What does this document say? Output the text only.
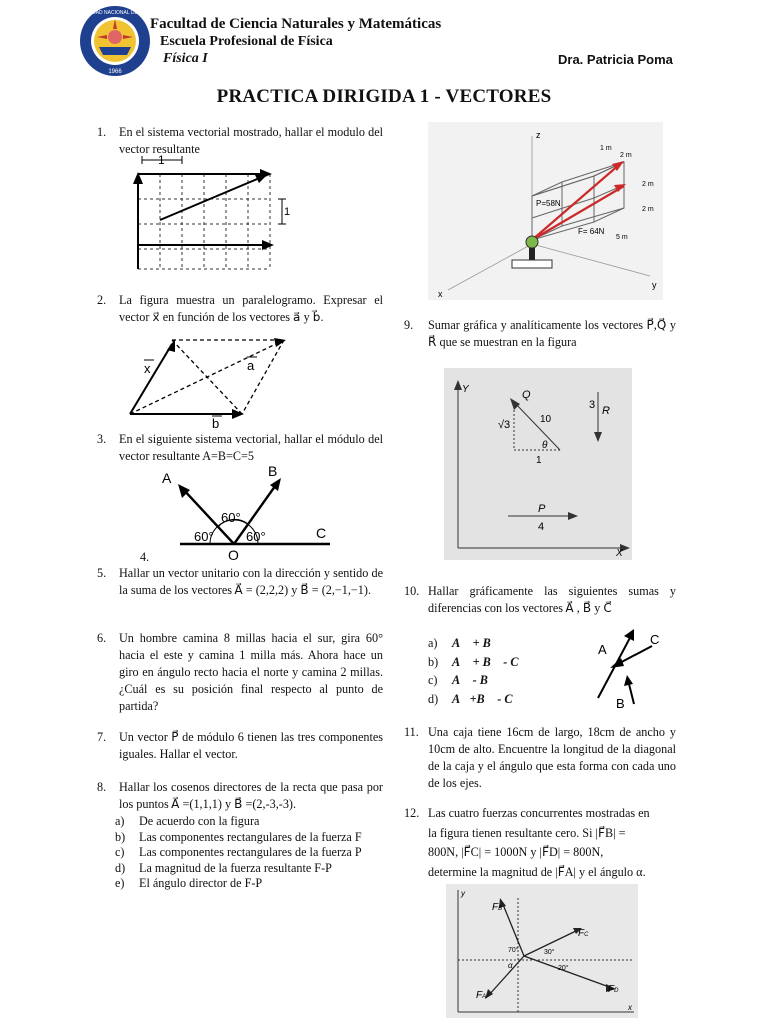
UNIVERSIDAD NACIONAL DEL CALLAO
1966
Facultad de Ciencia Naturales y Matemáticas
Escuela Profesional de Física
Física I	Dra. Patricia Poma
PRACTICA DIRIGIDA 1 - VECTORES
1. En el sistema vectorial mostrado, hallar el modulo del vector resultante
1
1
2. La figura muestra un paralelogramo. Expresar el vector x⃗ en función de los vectores a⃗ y b⃗.
x	a
b
3. En el siguiente sistema vectorial, hallar el módulo del vector resultante A=B=C=5
A	B
C
O
60°
60° 60°
4.
5. Hallar un vector unitario con la dirección y sentido de la suma de los vectores A⃗ = (2,2,2) y B⃗ = (2,−1,−1).
6. Un hombre camina 8 millas hacia el sur, gira 60° hacia el este y camina 1 milla más. Ahora hace un giro en ángulo recto hacia el norte y camina 2 millas. ¿Cuál es su posición final respecto al punto de partida?
7. Un vector P⃗ de módulo 6 tienen las tres componentes iguales. Hallar el vector.
8. Hallar los cosenos directores de la recta que pasa por los puntos A⃗ =(1,1,1) y B⃗ =(2,-3,-3).
a) De acuerdo con la figura
b) Las componentes rectangulares de la fuerza F
c) Las componentes rectangulares de la fuerza P
d) La magnitud de la fuerza resultante F-P
e) El ángulo director de F-P
z
x
y
1 m
2 m
2 m
2 m
5 m
P=58N
F= 64N
9. Sumar gráfica y analíticamente los vectores P⃗,Q⃗ y R⃗ que se muestran en la figura
Y
X
Q
R
P
√3	10
1
3
θ
4
10. Hallar gráficamente las siguientes sumas y diferencias con los vectores A⃗ , B⃗ y C⃗
a) A⃗ + B⃗
b) A⃗ + B⃗ - C⃗
c) A⃗ - B⃗
d) A⃗+B⃗ - C⃗
A
C
B
11. Una caja tiene 16cm de largo, 18cm de ancho y 10cm de alto. Encuentre la longitud de la diagonal de la caja y el ángulo que esta forma con cada uno de los ejes.
12. Las cuatro fuerzas concurrentes mostradas en
la figura tienen resultante cero. Si |F⃗B| =
800N, |F⃗C| = 1000N y |F⃗D| = 800N,
determine la magnitud de |F⃗A| y el ángulo α.
y
x
FB
FC
FD
FA
70°	30°
20°
α
